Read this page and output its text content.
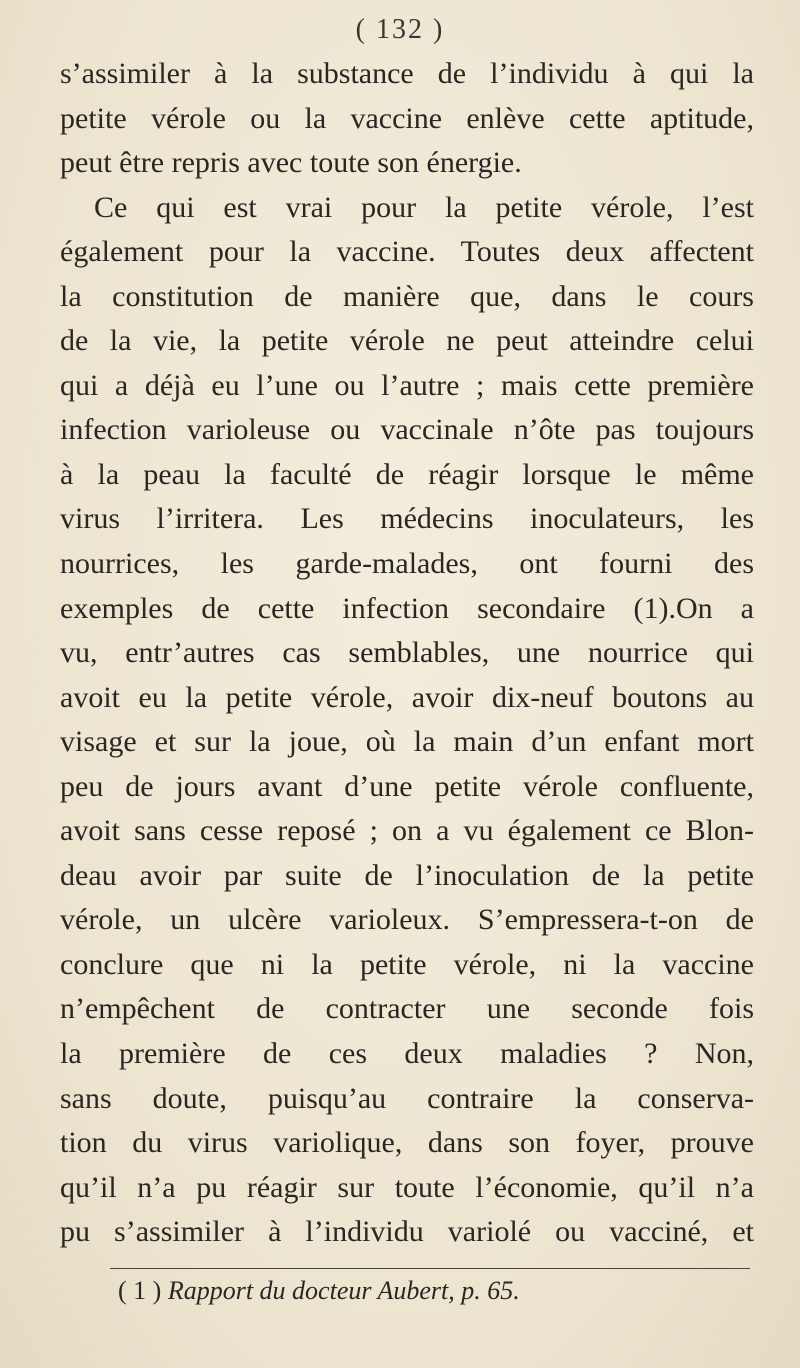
( 132 )
s’assimiler à la substance de l’individu à qui la
petite vérole ou la vaccine enlève cette aptitude,
peut être repris avec toute son énergie.
Ce qui est vrai pour la petite vérole, l’est
également pour la vaccine. Toutes deux affectent
la constitution de manière que, dans le cours
de la vie, la petite vérole ne peut atteindre celui
qui a déjà eu l’une ou l’autre ; mais cette première
infection varioleuse ou vaccinale n’ôte pas toujours
à la peau la faculté de réagir lorsque le même
virus l’irritera. Les médecins inoculateurs, les
nourrices, les garde-malades, ont fourni des
exemples de cette infection secondaire (1).On a
vu, entr’autres cas semblables, une nourrice qui
avoit eu la petite vérole, avoir dix-neuf boutons au
visage et sur la joue, où la main d’un enfant mort
peu de jours avant d’une petite vérole confluente,
avoit sans cesse reposé ; on a vu également ce Blon-
deau avoir par suite de l’inoculation de la petite
vérole, un ulcère varioleux. S’empressera-t-on de
conclure que ni la petite vérole, ni la vaccine
n’empêchent de contracter une seconde fois
la première de ces deux maladies ? Non,
sans doute, puisqu’au contraire la conserva-
tion du virus variolique, dans son foyer, prouve
qu’il n’a pu réagir sur toute l’économie, qu’il n’a
pu s’assimiler à l’individu variolé ou vacciné, et
( 1 ) Rapport du docteur Aubert, p. 65.
